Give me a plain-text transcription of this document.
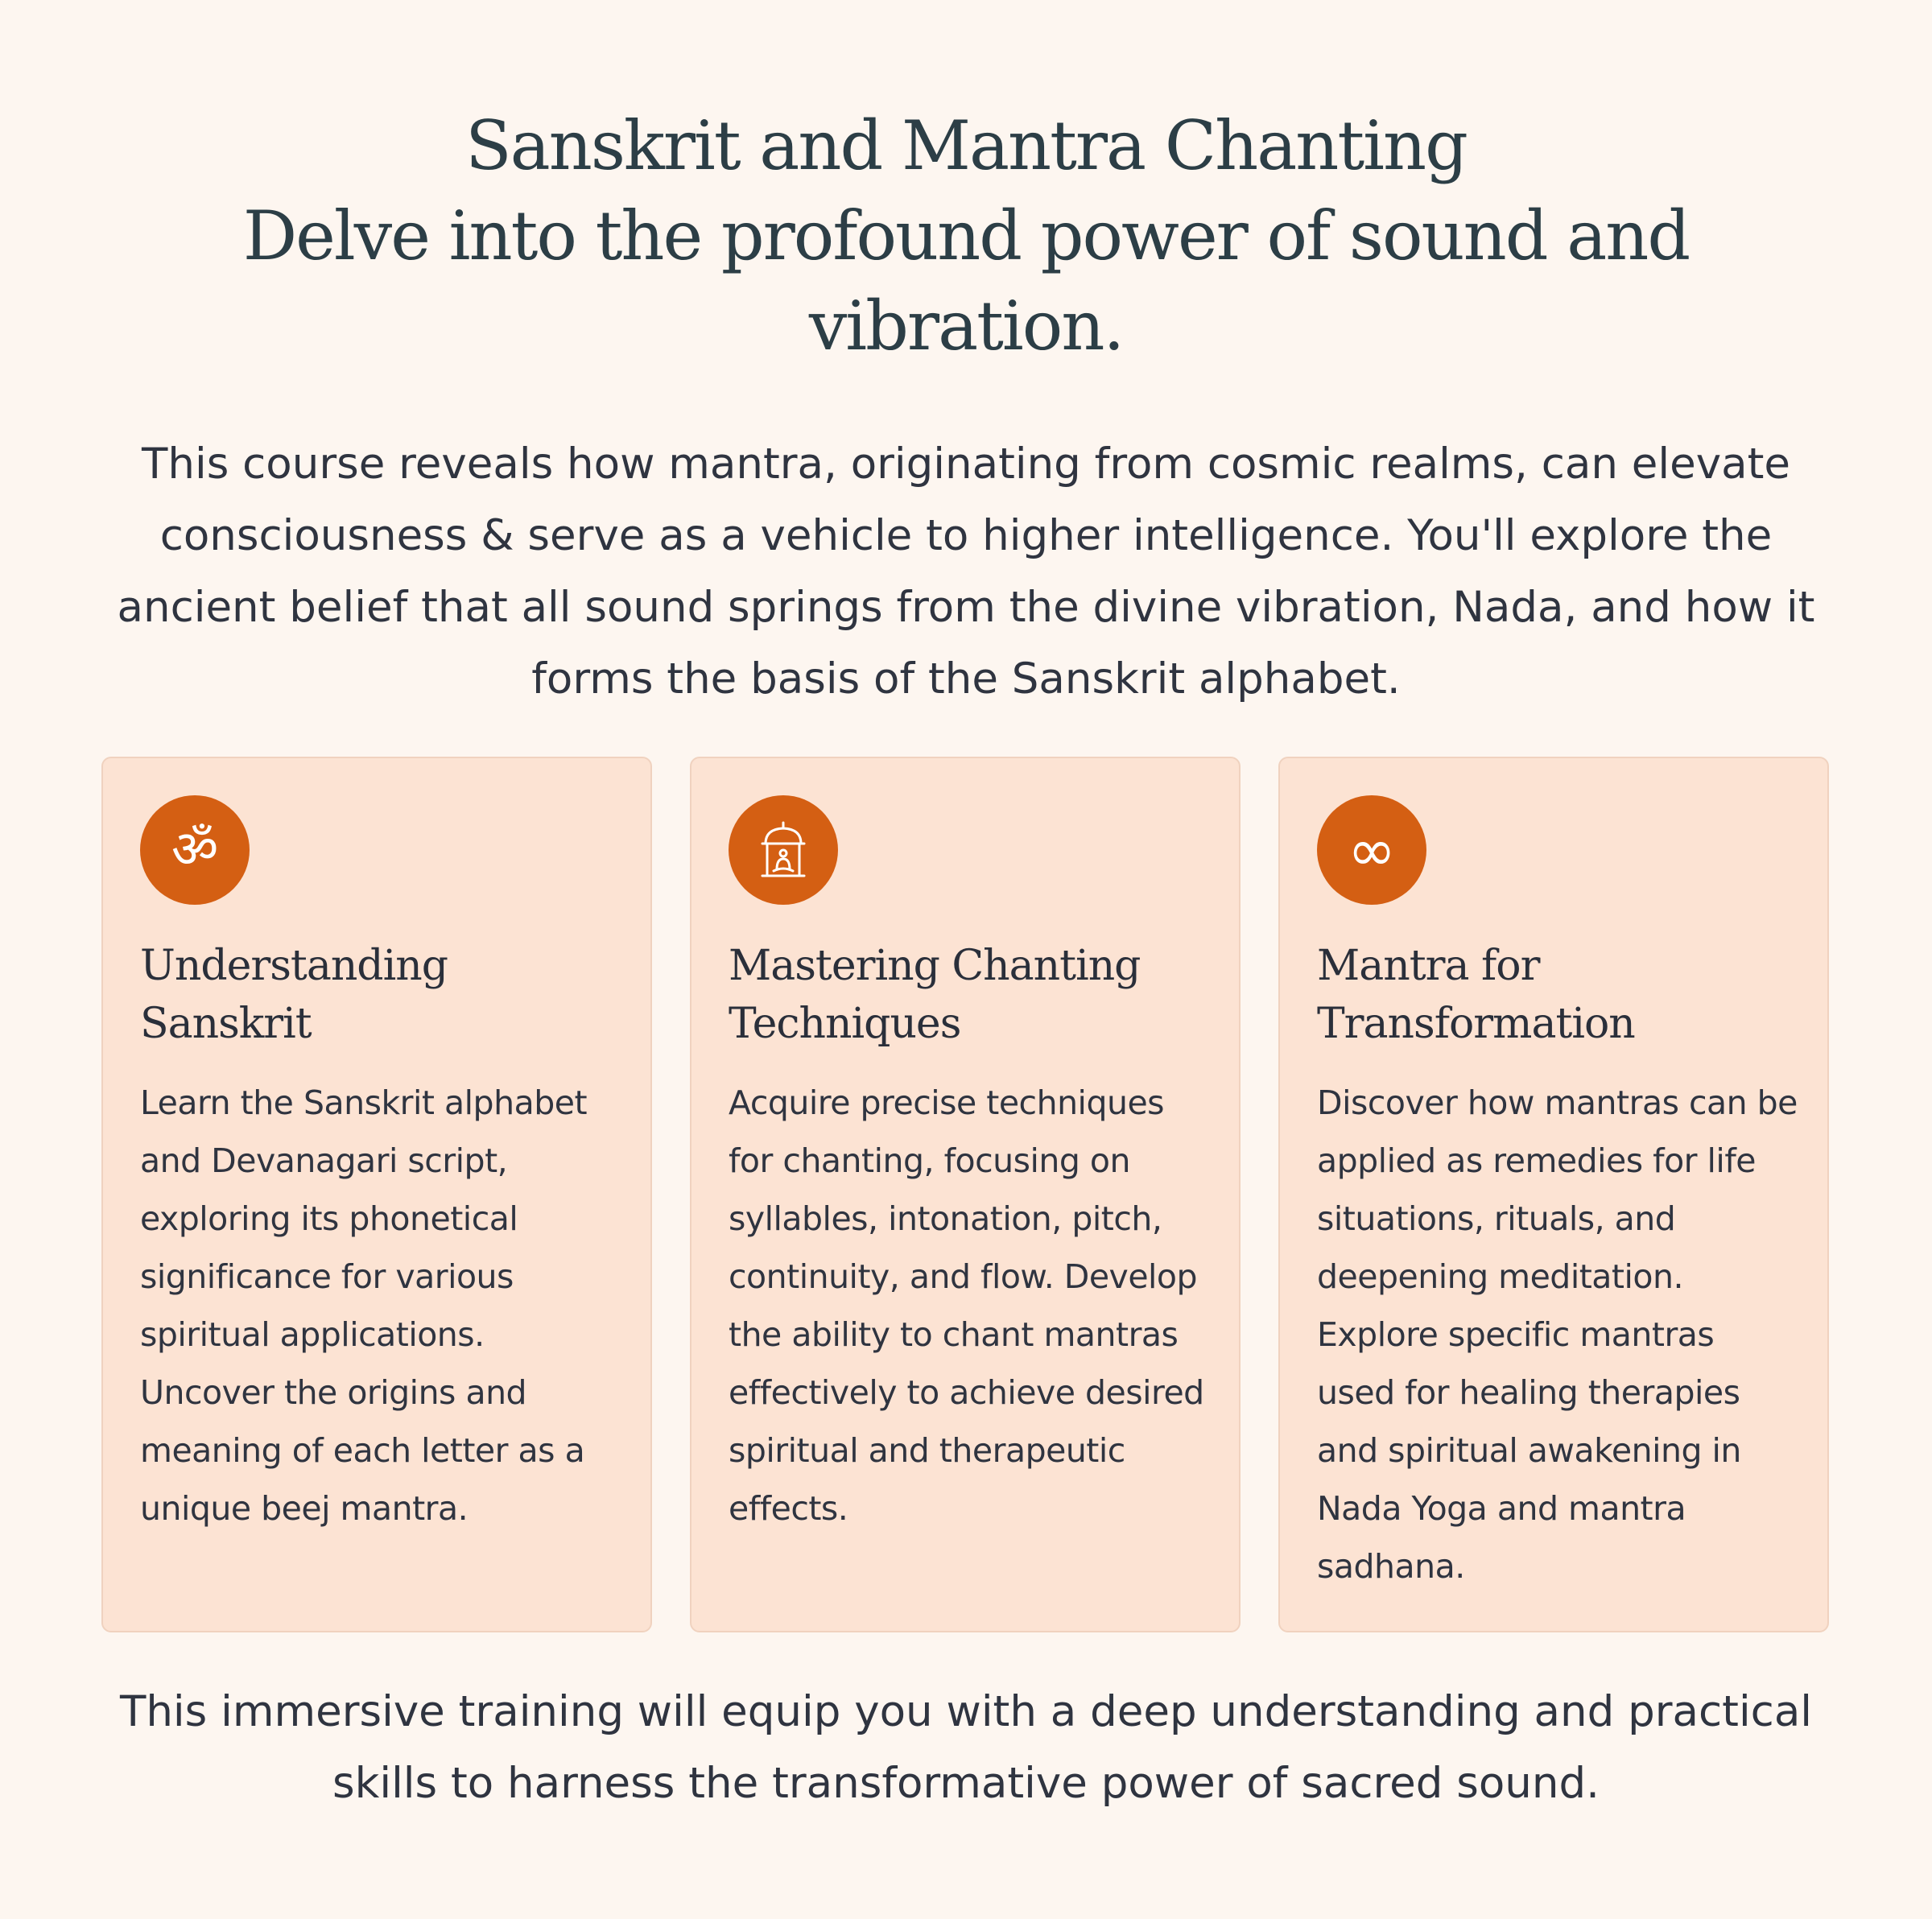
Sanskrit and Mantra Chanting
Delve into the profound power of sound and vibration.

This course reveals how mantra, originating from cosmic realms, can elevate consciousness & serve as a vehicle to higher intelligence. You'll explore the ancient belief that all sound springs from the divine vibration, Nada, and how it forms the basis of the Sanskrit alphabet.

ॐ
Understanding Sanskrit

Learn the Sanskrit alphabet and Devanagari script, exploring its phonetical significance for various spiritual applications. Uncover the origins and meaning of each letter as a unique beej mantra.

Mastering Chanting Techniques

Acquire precise techniques for chanting, focusing on syllables, intonation, pitch, continuity, and flow. Develop the ability to chant mantras effectively to achieve desired spiritual and therapeutic effects.

∞
Mantra for Transformation

Discover how mantras can be applied as remedies for life situations, rituals, and deepening meditation. Explore specific mantras used for healing therapies and spiritual awakening in Nada Yoga and mantra sadhana.

This immersive training will equip you with a deep understanding and practical skills to harness the transformative power of sacred sound.
